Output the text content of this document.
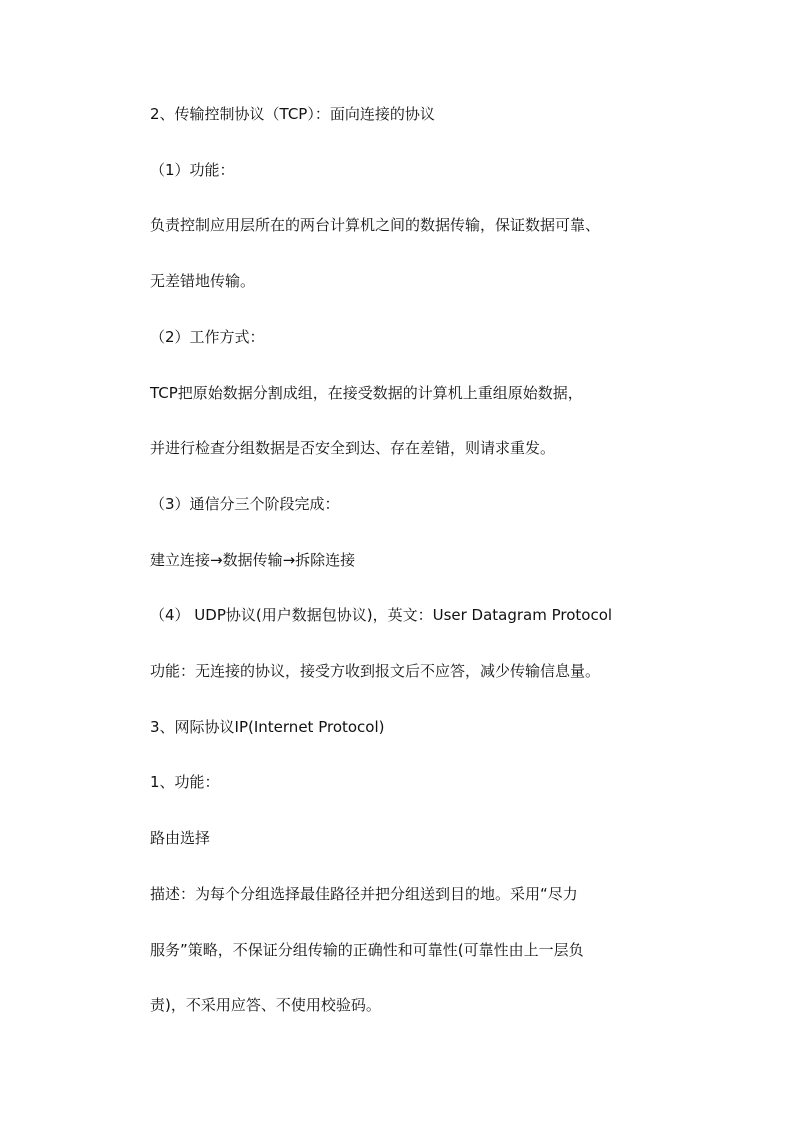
2、传输控制协议（TCP）：面向连接的协议
（1）功能：
负责控制应用层所在的两台计算机之间的数据传输，保证数据可靠、
无差错地传输。
（2）工作方式：
TCP把原始数据分割成组，在接受数据的计算机上重组原始数据，
并进行检查分组数据是否安全到达、存在差错，则请求重发。
（3）通信分三个阶段完成：
建立连接→数据传输→拆除连接
（4） UDP协议(用户数据包协议)，英文：User Datagram Protocol
功能：无连接的协议，接受方收到报文后不应答，减少传输信息量。
3、网际协议IP(Internet Protocol)
1、功能：
路由选择
描述：为每个分组选择最佳路径并把分组送到目的地。采用“尽力
服务”策略，不保证分组传输的正确性和可靠性(可靠性由上一层负
责)，不采用应答、不使用校验码。
